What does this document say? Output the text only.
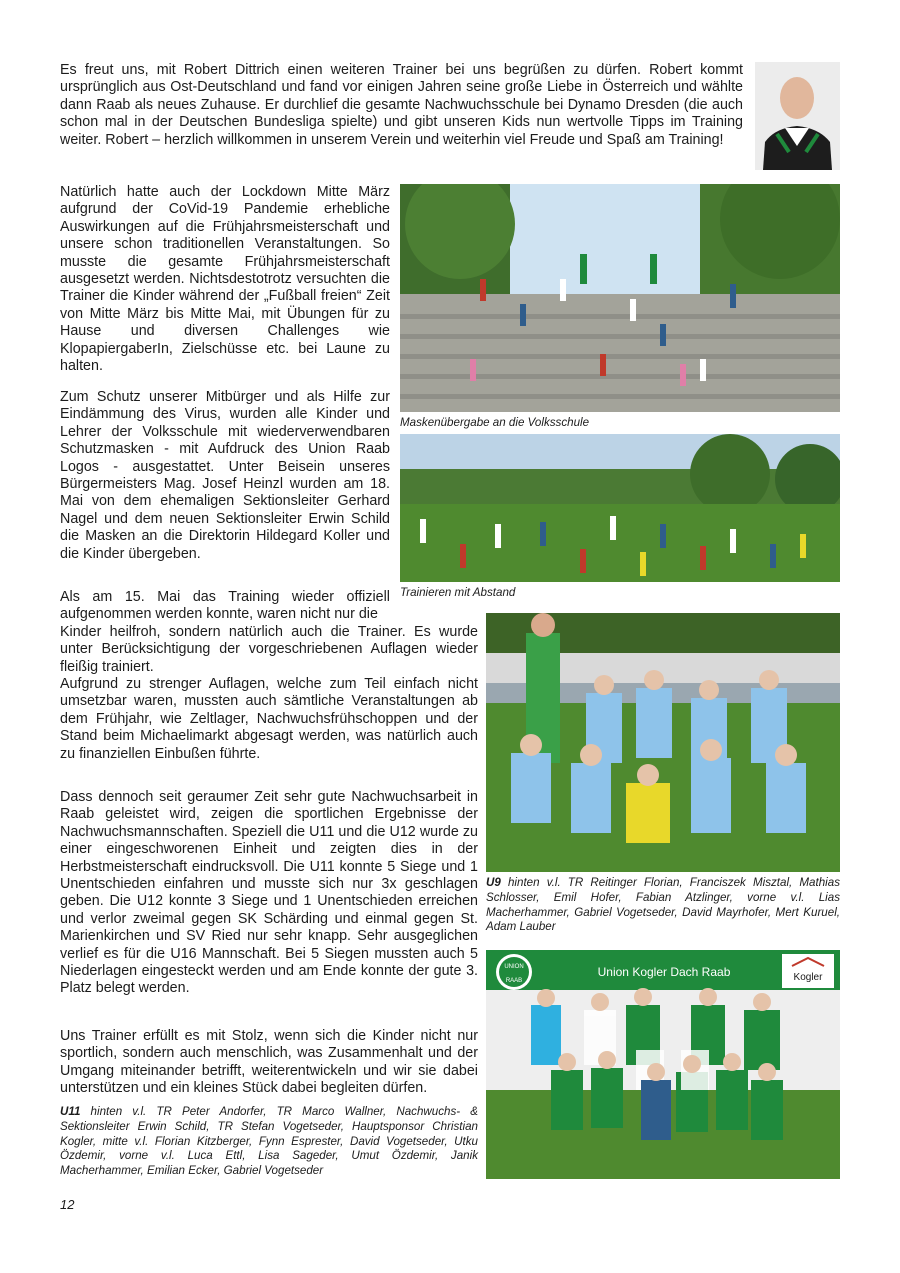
Es freut uns, mit Robert Dittrich einen weiteren Trainer bei uns begrüßen zu dürfen. Robert kommt ursprünglich aus Ost-Deutschland und fand vor einigen Jahren seine große Liebe in Österreich und wählte dann Raab als neues Zuhause. Er durchlief die gesamte Nachwuchsschule bei Dynamo Dresden (die auch schon mal in der Deutschen Bundesliga spielte) und gibt unseren Kids nun wertvolle Tipps im Training weiter. Robert – herzlich willkommen in unserem Verein und weiterhin viel Freude und Spaß am Training!

Natürlich hatte auch der Lockdown Mitte März aufgrund der CoVid-19 Pandemie erhebliche Auswirkungen auf die Frühjahrsmeisterschaft und unsere schon traditionellen Veranstaltungen. So musste die gesamte Frühjahrsmeisterschaft ausgesetzt werden. Nichtsdestotrotz versuchten die Trainer die Kinder während der „Fußball freien“ Zeit von Mitte März bis Mitte Mai, mit Übungen für zu Hause und diversen Challenges wie KlopapiergaberIn, Zielschüsse etc. bei Laune zu halten.

Zum Schutz unserer Mitbürger und als Hilfe zur Eindämmung des Virus, wurden alle Kinder und Lehrer der Volksschule mit wiederverwendbaren Schutzmasken - mit Aufdruck des Union Raab Logos - ausgestattet. Unter Beisein unseres Bürgermeisters Mag. Josef Heinzl wurden am 18. Mai von dem ehemaligen Sektionsleiter Gerhard Nagel und dem neuen Sektionsleiter Erwin Schild die Masken an die Direktorin Hildegard Koller und die Kinder übergeben.

Als am 15. Mai das Training wieder offiziell aufgenommen werden konnte, waren nicht nur die

Kinder heilfroh, sondern natürlich auch die Trainer. Es wurde unter Berücksichtigung der vorgeschriebenen Auflagen wieder fleißig trainiert.

Aufgrund zu strenger Auflagen, welche zum Teil einfach nicht umsetzbar waren, mussten auch sämtliche Veranstaltungen ab dem Frühjahr, wie Zeltlager, Nachwuchsfrühschoppen und der Stand beim Michaelimarkt abgesagt werden, was natürlich auch zu finanziellen Einbußen führte.

Dass dennoch seit geraumer Zeit sehr gute Nachwuchsarbeit in Raab geleistet wird, zeigen die sportlichen Ergebnisse der Nachwuchsmannschaften. Speziell die U11 und die U12 wurde zu einer eingeschworenen Einheit und zeigten dies in der Herbstmeisterschaft eindrucksvoll. Die U11 konnte 5 Siege und 1 Unentschieden einfahren und musste sich nur 3x geschlagen geben. Die U12 konnte 3 Siege und 1 Unentschieden erreichen und verlor zweimal gegen SK Schärding und einmal gegen St. Marienkirchen und SV Ried nur sehr knapp. Sehr ausgeglichen verlief es für die U16 Mannschaft. Bei 5 Siegen mussten auch 5 Niederlagen eingesteckt werden und am Ende konnte der gute 3. Platz belegt werden.

Uns Trainer erfüllt es mit Stolz, wenn sich die Kinder nicht nur sportlich, sondern auch menschlich, was Zusammenhalt und der Umgang miteinander betrifft, weiterentwickeln und wir sie dabei unterstützen und ein kleines Stück dabei begleiten dürfen.

U11 hinten v.l. TR Peter Andorfer, TR Marco Wallner, Nachwuchs- & Sektionsleiter Erwin Schild, TR Stefan Vogetseder, Hauptsponsor Christian Kogler, mitte v.l. Florian Kitzberger, Fynn Esprester, David Vogetseder, Utku Özdemir, vorne v.l. Luca Ettl, Lisa Sageder, Umut Özdemir, Janik Macherhammer, Emilian Ecker, Gabriel Vogetseder

12

Maskenübergabe an die Volksschule

Trainieren mit Abstand

U9 hinten v.l. TR Reitinger Florian, Franciszek Misztal, Mathias Schlosser, Emil Hofer, Fabian Atzlinger, vorne v.l. Lias Macherhammer, Gabriel Vogetseder, David Mayrhofer, Mert Kuruel, Adam Lauber

Union Kogler Dach Raab
UNION
RAAB	Kogler
